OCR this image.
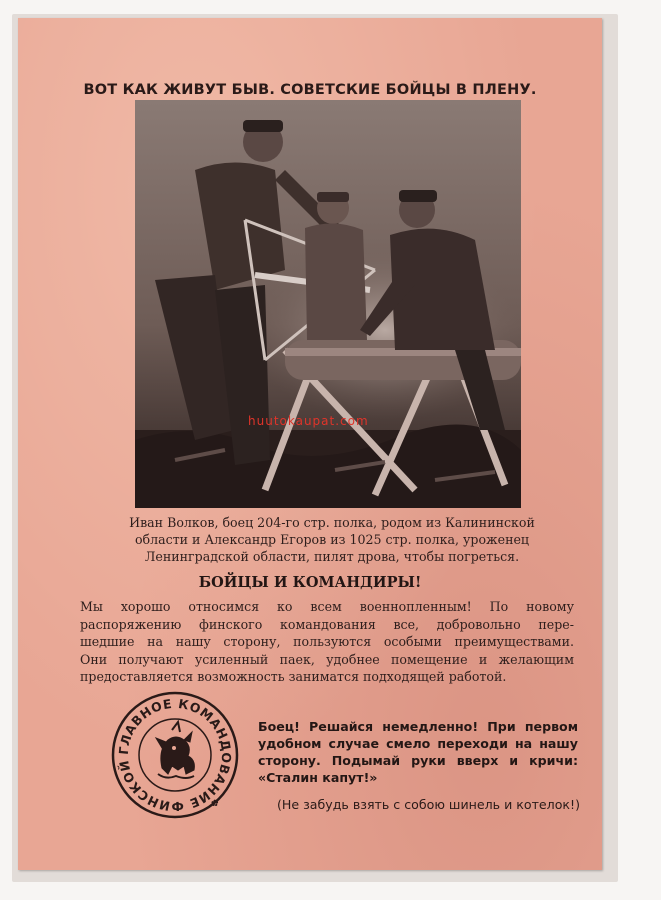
ВОТ КАК ЖИВУТ БЫВ. СОВЕТСКИЕ БОЙЦЫ В ПЛЕНУ.
huutokaupat.com
Иван Волков, боец 204-го стр. полка, родом из Калининской
области и Александр Егоров из 1025 стр. полка, уроженец
Ленинградской области, пилят дрова, чтобы погреться.
БОЙЦЫ И КОМАНДИРЫ!
Мы хорошо относимся ко всем военнопленным! По новому
распоряжению финского командования все, добровольно пере-
шедшие на нашу сторону, пользуются особыми преимуществами.
Они получают усиленный паек, удобнее помещение и желающим
предоставляется возможность заниматся подходящей работой.
ГЛАВНОЕ КОМАНДОВАНИЕ ФИНСКОЙ
✿
Боец! Решайся немедленно! При первом
удобном случае смело переходи на нашу
сторону. Подымай руки вверх и кричи:
«Сталин капут!»
(Не забудь взять с собою шинель и котелок!)
